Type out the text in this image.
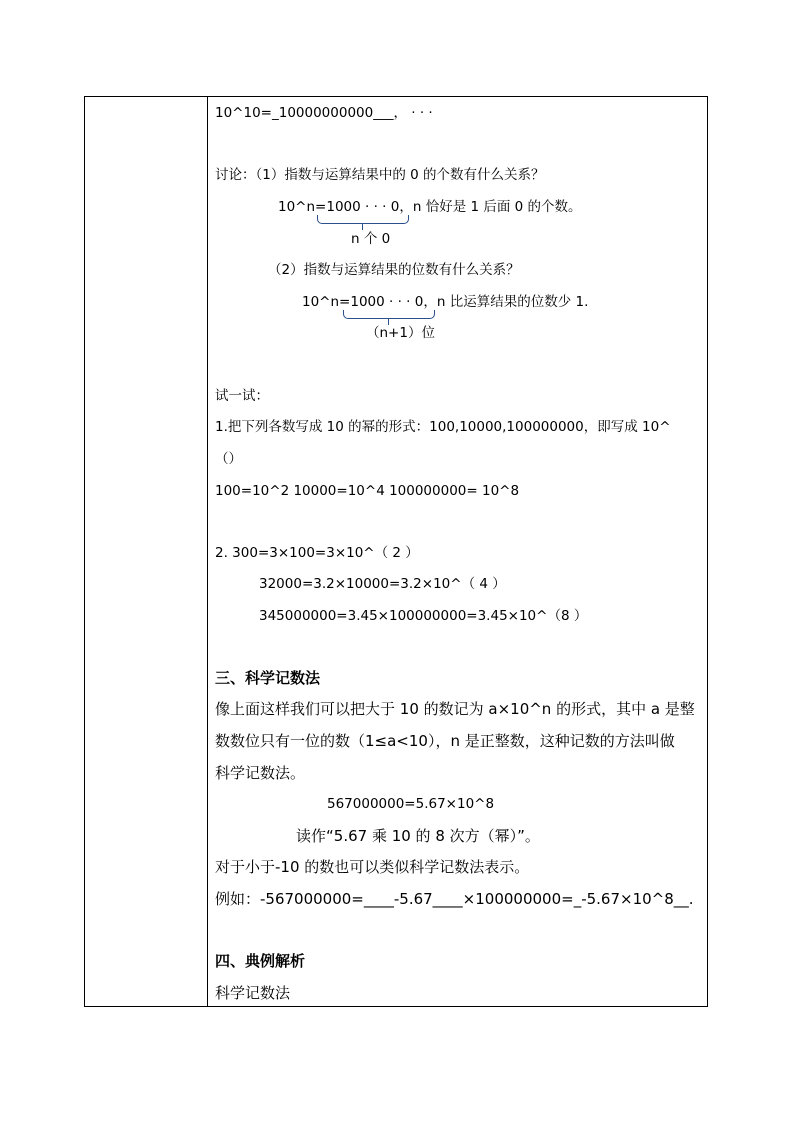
10^10=_10000000000___， · · ·
讨论：（1）指数与运算结果中的 0 的个数有什么关系？
10^n=1000 · · · 0，n 恰好是 1 后面 0 的个数。
n 个 0
（2）指数与运算结果的位数有什么关系？
10^n=1000 · · · 0，n 比运算结果的位数少 1.
（n+1）位
试一试：
1.把下列各数写成 10 的幂的形式：100,10000,100000000，即写成 10^
（）
100=10^2 10000=10^4 100000000= 10^8
2. 300=3×100=3×10^（ 2 ）
32000=3.2×10000=3.2×10^（ 4 ）
345000000=3.45×100000000=3.45×10^（8 ）
三、科学记数法
像上面这样我们可以把大于 10 的数记为 a×10^n 的形式，其中 a 是整
数数位只有一位的数（1≤a<10），n 是正整数，这种记数的方法叫做
科学记数法。
567000000=5.67×10^8
读作“5.67 乘 10 的 8 次方（幂）”。
对于小于-10 的数也可以类似科学记数法表示。
例如：-567000000=____-5.67____×100000000=_-5.67×10^8__.
四、典例解析
科学记数法
